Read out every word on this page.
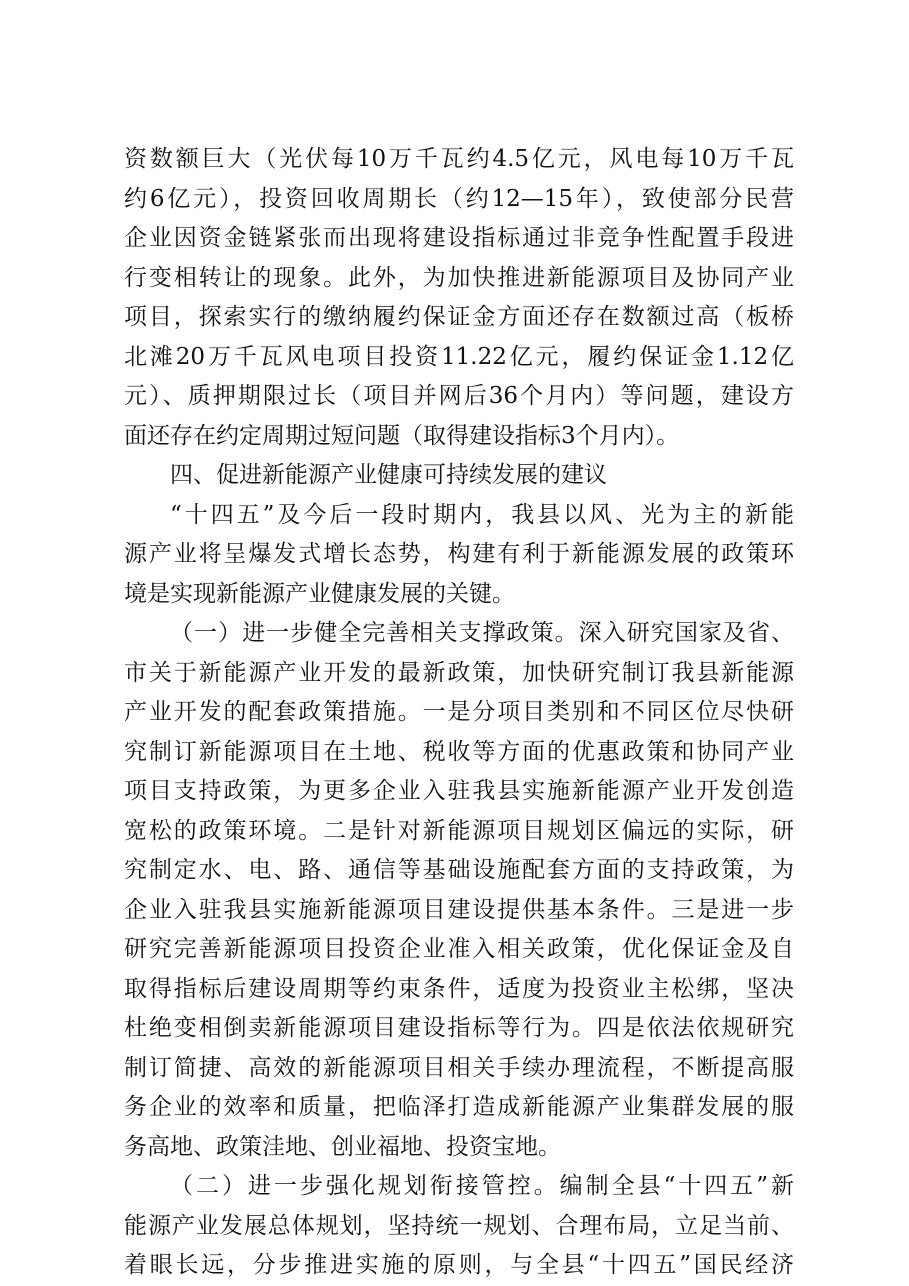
资数额巨大（光伏每10万千瓦约4.5亿元，风电每10万千瓦
约6亿元），投资回收周期长（约12—15年），致使部分民营
企业因资金链紧张而出现将建设指标通过非竞争性配置手段进
行变相转让的现象。此外，为加快推进新能源项目及协同产业
项目，探索实行的缴纳履约保证金方面还存在数额过高（板桥
北滩20万千瓦风电项目投资11.22亿元，履约保证金1.12亿
元）、质押期限过长（项目并网后36个月内）等问题，建设方
面还存在约定周期过短问题（取得建设指标3个月内）。
四、促进新能源产业健康可持续发展的建议
“十四五”及今后一段时期内，我县以风、光为主的新能
源产业将呈爆发式增长态势，构建有利于新能源发展的政策环
境是实现新能源产业健康发展的关键。
（一）进一步健全完善相关支撑政策。深入研究国家及省、
市关于新能源产业开发的最新政策，加快研究制订我县新能源
产业开发的配套政策措施。一是分项目类别和不同区位尽快研
究制订新能源项目在土地、税收等方面的优惠政策和协同产业
项目支持政策，为更多企业入驻我县实施新能源产业开发创造
宽松的政策环境。二是针对新能源项目规划区偏远的实际，研
究制定水、电、路、通信等基础设施配套方面的支持政策，为
企业入驻我县实施新能源项目建设提供基本条件。三是进一步
研究完善新能源项目投资企业准入相关政策，优化保证金及自
取得指标后建设周期等约束条件，适度为投资业主松绑，坚决
杜绝变相倒卖新能源项目建设指标等行为。四是依法依规研究
制订简捷、高效的新能源项目相关手续办理流程，不断提高服
务企业的效率和质量，把临泽打造成新能源产业集群发展的服
务高地、政策洼地、创业福地、投资宝地。
（二）进一步强化规划衔接管控。编制全县“十四五”新
能源产业发展总体规划，坚持统一规划、合理布局，立足当前、
着眼长远，分步推进实施的原则，与全县“十四五”国民经济
